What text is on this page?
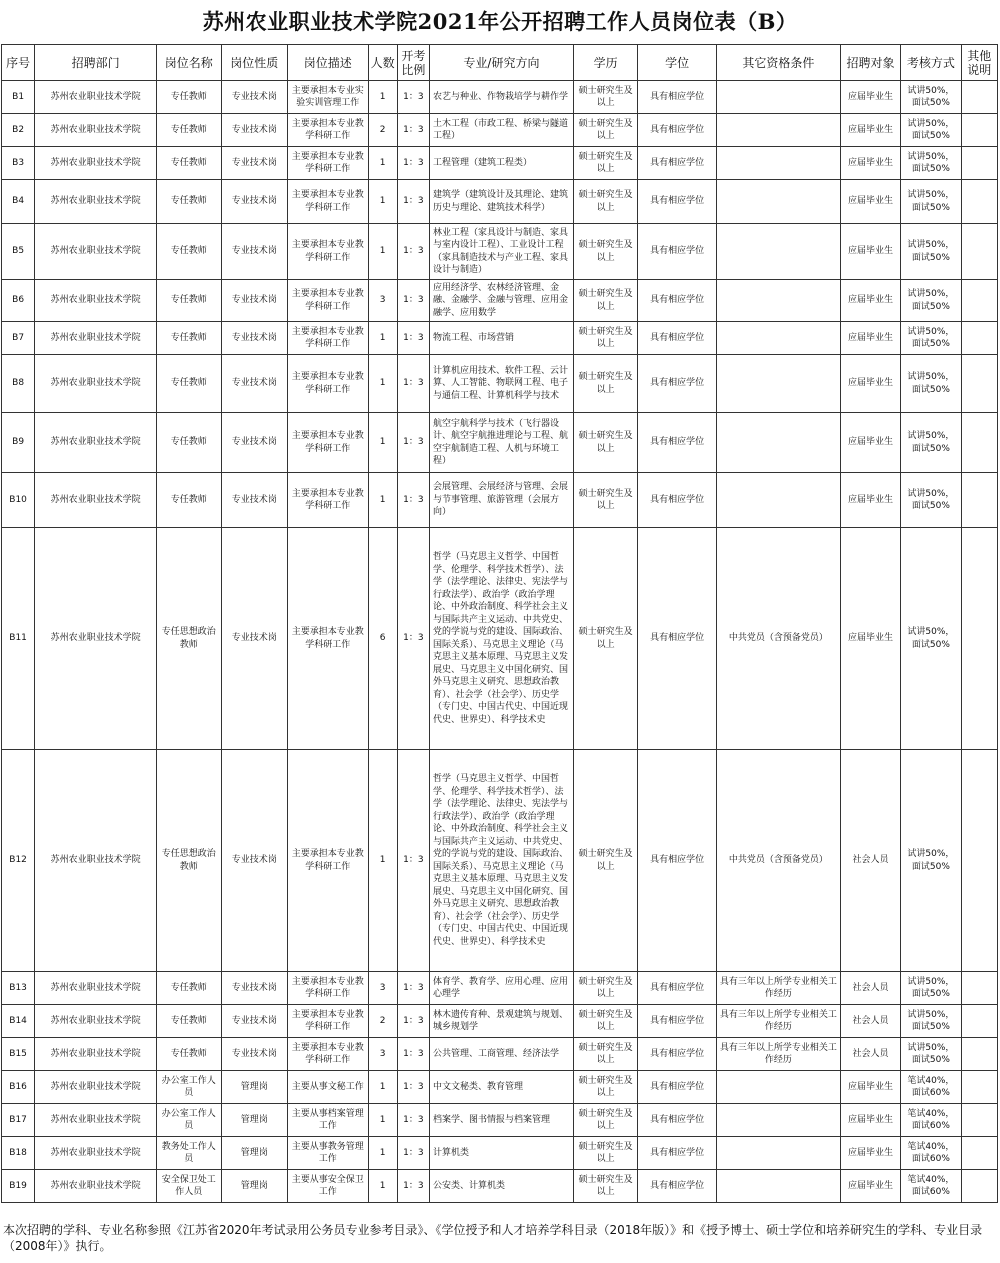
苏州农业职业技术学院2021年公开招聘工作人员岗位表（B）
序号	招聘部门	岗位名称	岗位性质	岗位描述	人数	开考比例	专业/研究方向	学历	学位	其它资格条件	招聘对象	考核方式	其他说明
B1	苏州农业职业技术学院	专任教师	专业技术岗	主要承担本专业实验实训管理工作	1	1：3	农艺与种业、作物栽培学与耕作学	硕士研究生及以上	具有相应学位		应届毕业生	试讲50%，面试50%	
B2	苏州农业职业技术学院	专任教师	专业技术岗	主要承担本专业教学科研工作	2	1：3	土木工程（市政工程、桥梁与隧道工程）	硕士研究生及以上	具有相应学位		应届毕业生	试讲50%，面试50%	
B3	苏州农业职业技术学院	专任教师	专业技术岗	主要承担本专业教学科研工作	1	1：3	工程管理（建筑工程类）	硕士研究生及以上	具有相应学位		应届毕业生	试讲50%，面试50%	
B4	苏州农业职业技术学院	专任教师	专业技术岗	主要承担本专业教学科研工作	1	1：3	建筑学（建筑设计及其理论、建筑历史与理论、建筑技术科学）	硕士研究生及以上	具有相应学位		应届毕业生	试讲50%，面试50%	
B5	苏州农业职业技术学院	专任教师	专业技术岗	主要承担本专业教学科研工作	1	1：3	林业工程（家具设计与制造、家具与室内设计工程）、工业设计工程（家具制造技术与产业工程、家具设计与制造）	硕士研究生及以上	具有相应学位		应届毕业生	试讲50%，面试50%	
B6	苏州农业职业技术学院	专任教师	专业技术岗	主要承担本专业教学科研工作	3	1：3	应用经济学、农林经济管理、金融、金融学、金融与管理、应用金融学、应用数学	硕士研究生及以上	具有相应学位		应届毕业生	试讲50%，面试50%	
B7	苏州农业职业技术学院	专任教师	专业技术岗	主要承担本专业教学科研工作	1	1：3	物流工程、市场营销	硕士研究生及以上	具有相应学位		应届毕业生	试讲50%，面试50%	
B8	苏州农业职业技术学院	专任教师	专业技术岗	主要承担本专业教学科研工作	1	1：3	计算机应用技术、软件工程、云计算、人工智能、物联网工程、电子与通信工程、计算机科学与技术	硕士研究生及以上	具有相应学位		应届毕业生	试讲50%，面试50%	
B9	苏州农业职业技术学院	专任教师	专业技术岗	主要承担本专业教学科研工作	1	1：3	航空宇航科学与技术（飞行器设计、航空宇航推进理论与工程、航空宇航制造工程、人机与环境工程）	硕士研究生及以上	具有相应学位		应届毕业生	试讲50%，面试50%	
B10	苏州农业职业技术学院	专任教师	专业技术岗	主要承担本专业教学科研工作	1	1：3	会展管理、会展经济与管理、会展与节事管理、旅游管理（会展方向）	硕士研究生及以上	具有相应学位		应届毕业生	试讲50%，面试50%	
B11	苏州农业职业技术学院	专任思想政治教师	专业技术岗	主要承担本专业教学科研工作	6	1：3	哲学（马克思主义哲学、中国哲学、伦理学、科学技术哲学）、法学（法学理论、法律史、宪法学与行政法学）、政治学（政治学理论、中外政治制度、科学社会主义与国际共产主义运动、中共党史、党的学说与党的建设、国际政治、国际关系）、马克思主义理论（马克思主义基本原理、马克思主义发展史、马克思主义中国化研究、国外马克思主义研究、思想政治教育）、社会学（社会学）、历史学（专门史、中国古代史、中国近现代史、世界史）、科学技术史	硕士研究生及以上	具有相应学位	中共党员（含预备党员）	应届毕业生	试讲50%，面试50%	
B12	苏州农业职业技术学院	专任思想政治教师	专业技术岗	主要承担本专业教学科研工作	1	1：3	哲学（马克思主义哲学、中国哲学、伦理学、科学技术哲学）、法学（法学理论、法律史、宪法学与行政法学）、政治学（政治学理论、中外政治制度、科学社会主义与国际共产主义运动、中共党史、党的学说与党的建设、国际政治、国际关系）、马克思主义理论（马克思主义基本原理、马克思主义发展史、马克思主义中国化研究、国外马克思主义研究、思想政治教育）、社会学（社会学）、历史学（专门史、中国古代史、中国近现代史、世界史）、科学技术史	硕士研究生及以上	具有相应学位	中共党员（含预备党员）	社会人员	试讲50%，面试50%	
B13	苏州农业职业技术学院	专任教师	专业技术岗	主要承担本专业教学科研工作	3	1：3	体育学、教育学、应用心理、应用心理学	硕士研究生及以上	具有相应学位	具有三年以上所学专业相关工作经历	社会人员	试讲50%，面试50%	
B14	苏州农业职业技术学院	专任教师	专业技术岗	主要承担本专业教学科研工作	2	1：3	林木遗传育种、景观建筑与规划、城乡规划学	硕士研究生及以上	具有相应学位	具有三年以上所学专业相关工作经历	社会人员	试讲50%，面试50%	
B15	苏州农业职业技术学院	专任教师	专业技术岗	主要承担本专业教学科研工作	3	1：3	公共管理、工商管理、经济法学	硕士研究生及以上	具有相应学位	具有三年以上所学专业相关工作经历	社会人员	试讲50%，面试50%	
B16	苏州农业职业技术学院	办公室工作人员	管理岗	主要从事文秘工作	1	1：3	中文文秘类、教育管理	硕士研究生及以上	具有相应学位		应届毕业生	笔试40%，面试60%	
B17	苏州农业职业技术学院	办公室工作人员	管理岗	主要从事档案管理工作	1	1：3	档案学、图书情报与档案管理	硕士研究生及以上	具有相应学位		应届毕业生	笔试40%，面试60%	
B18	苏州农业职业技术学院	教务处工作人员	管理岗	主要从事教务管理工作	1	1：3	计算机类	硕士研究生及以上	具有相应学位		应届毕业生	笔试40%，面试60%	
B19	苏州农业职业技术学院	安全保卫处工作人员	管理岗	主要从事安全保卫工作	1	1：3	公安类、计算机类	硕士研究生及以上	具有相应学位		应届毕业生	笔试40%，面试60%	
本次招聘的学科、专业名称参照《江苏省2020年考试录用公务员专业参考目录》、《学位授予和人才培养学科目录（2018年版）》和《授予博士、硕士学位和培养研究生的学科、专业目录（2008年）》执行。
